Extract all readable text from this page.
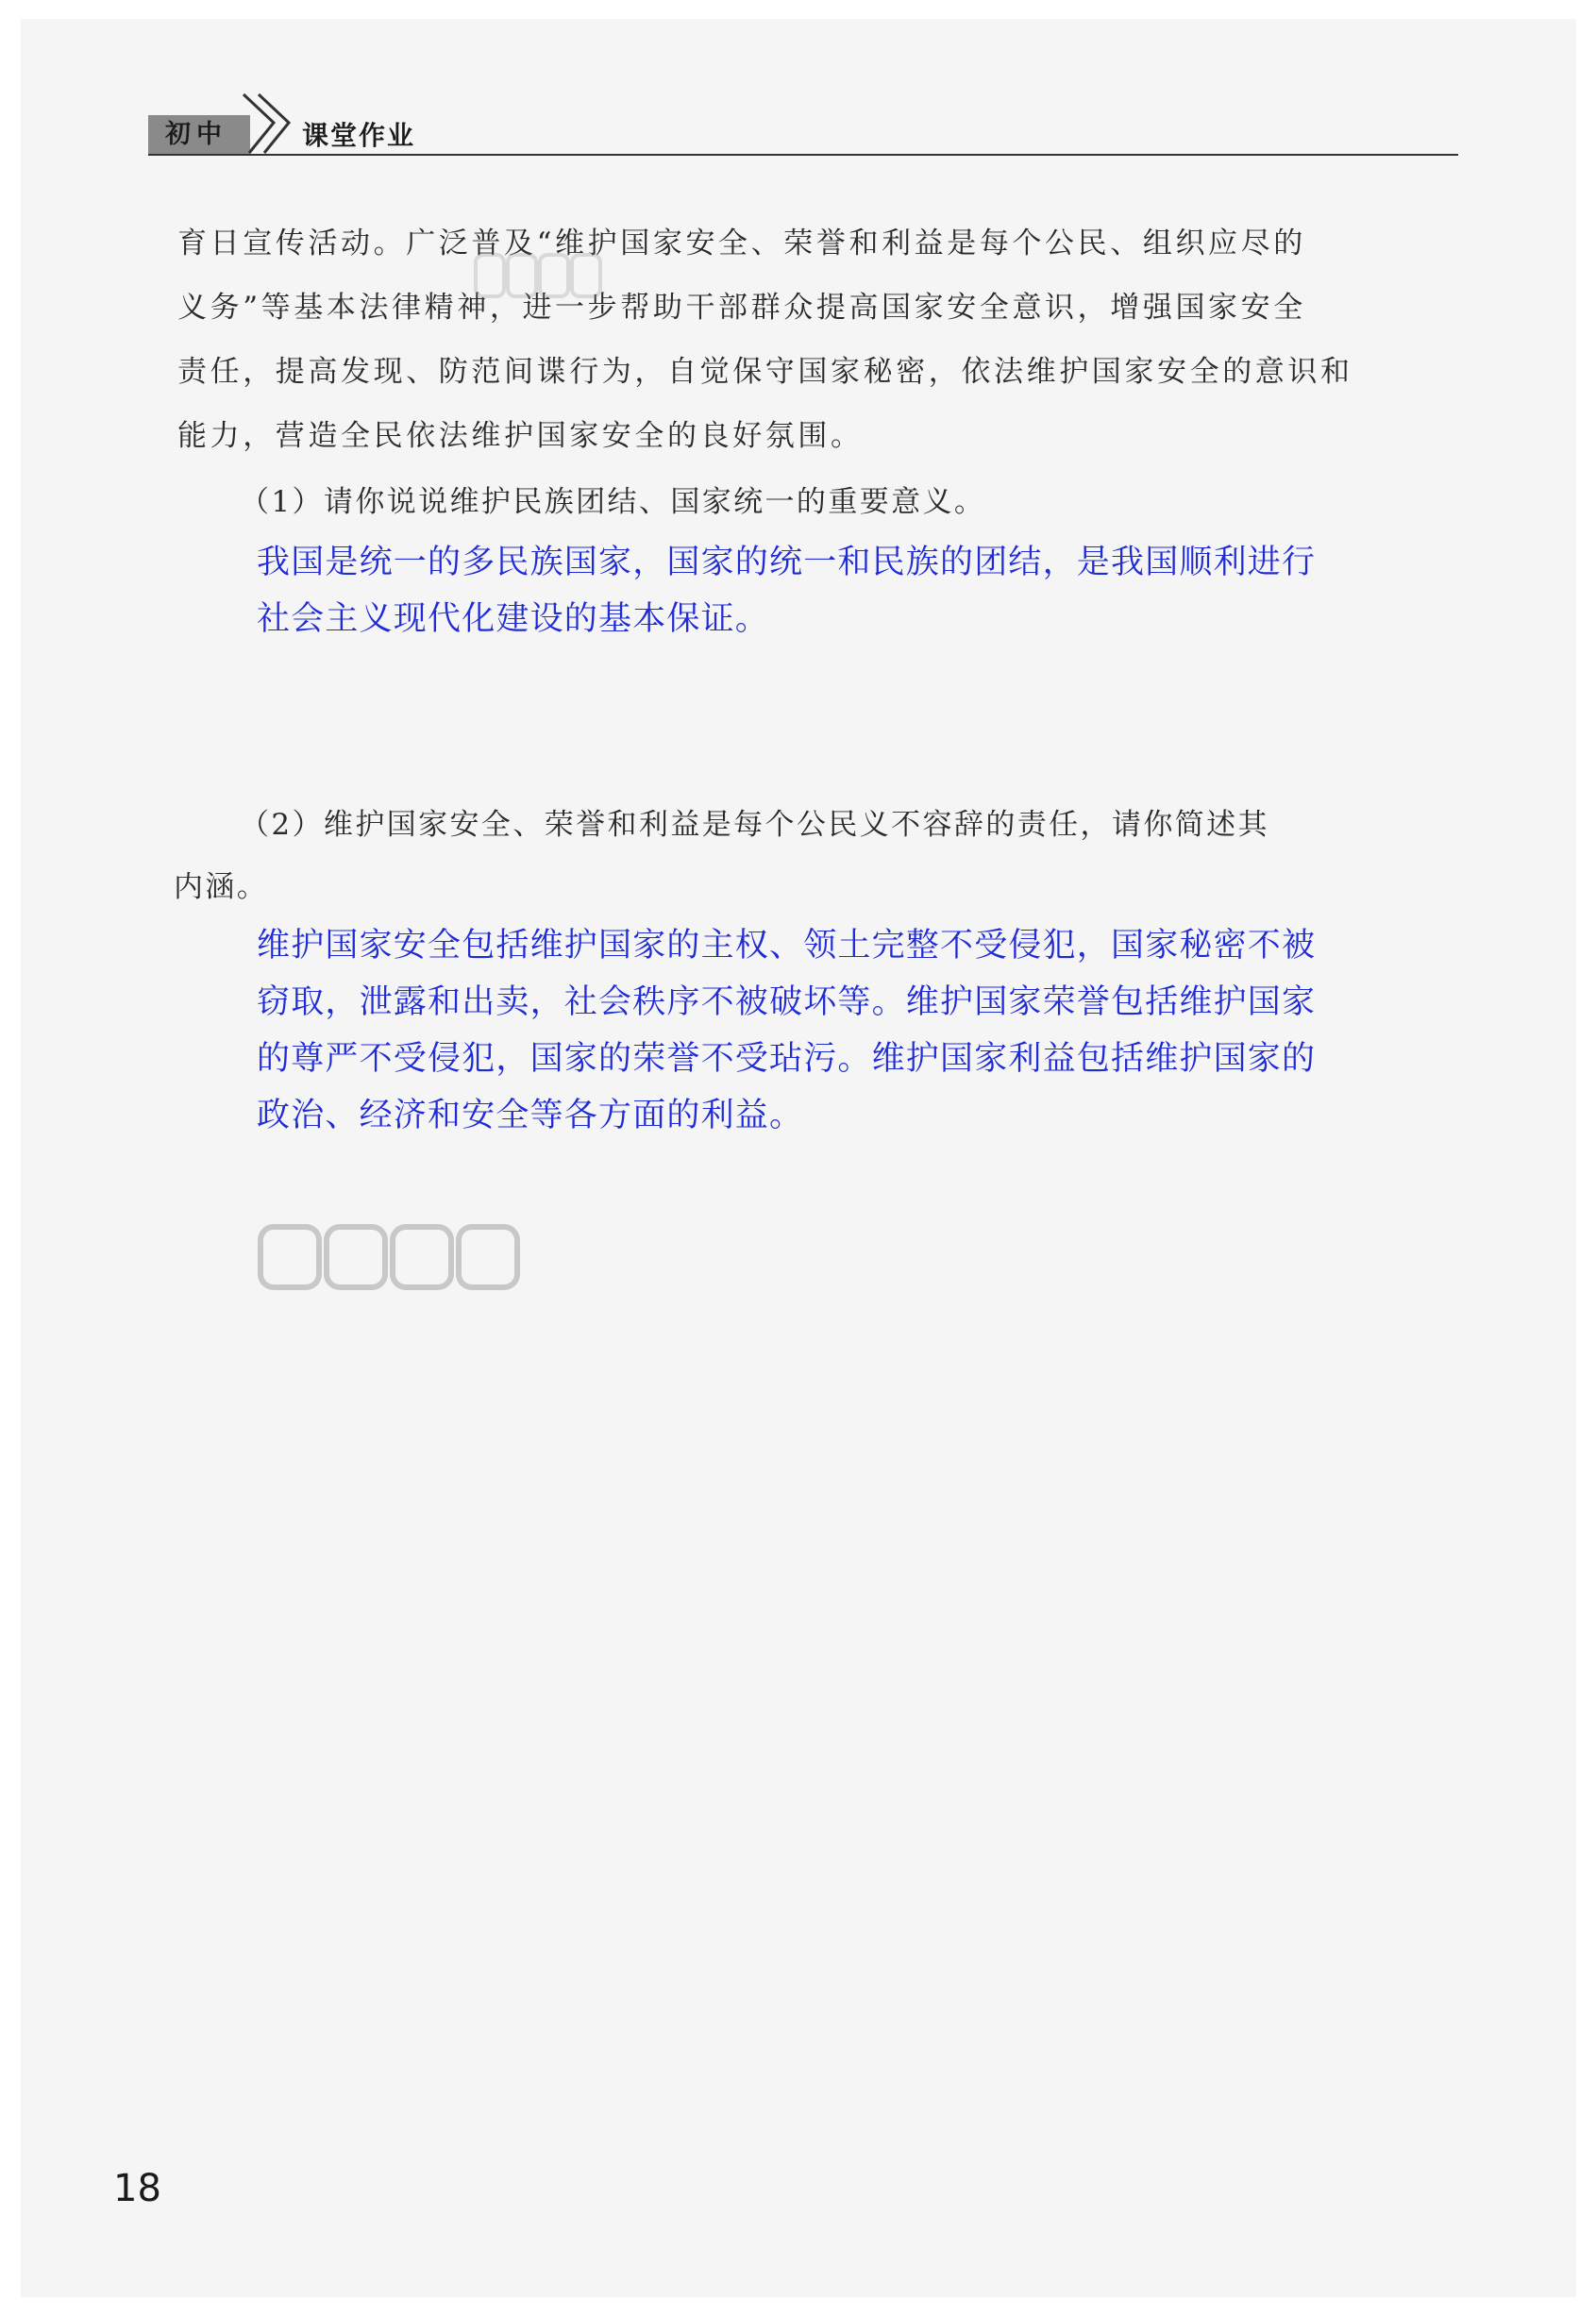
初中	课堂作业
育日宣传活动。广泛普及“维护国家安全、荣誉和利益是每个公民、组织应尽的
义务”等基本法律精神，进一步帮助干部群众提高国家安全意识，增强国家安全
责任，提高发现、防范间谍行为，自觉保守国家秘密，依法维护国家安全的意识和
能力，营造全民依法维护国家安全的良好氛围。
（1）请你说说维护民族团结、国家统一的重要意义。
我国是统一的多民族国家，国家的统一和民族的团结，是我国顺利进行
社会主义现代化建设的基本保证。
（2）维护国家安全、荣誉和利益是每个公民义不容辞的责任，请你简述其
内涵。
维护国家安全包括维护国家的主权、领土完整不受侵犯，国家秘密不被
窃取，泄露和出卖，社会秩序不被破坏等。维护国家荣誉包括维护国家
的尊严不受侵犯，国家的荣誉不受玷污。维护国家利益包括维护国家的
政治、经济和安全等各方面的利益。
18
